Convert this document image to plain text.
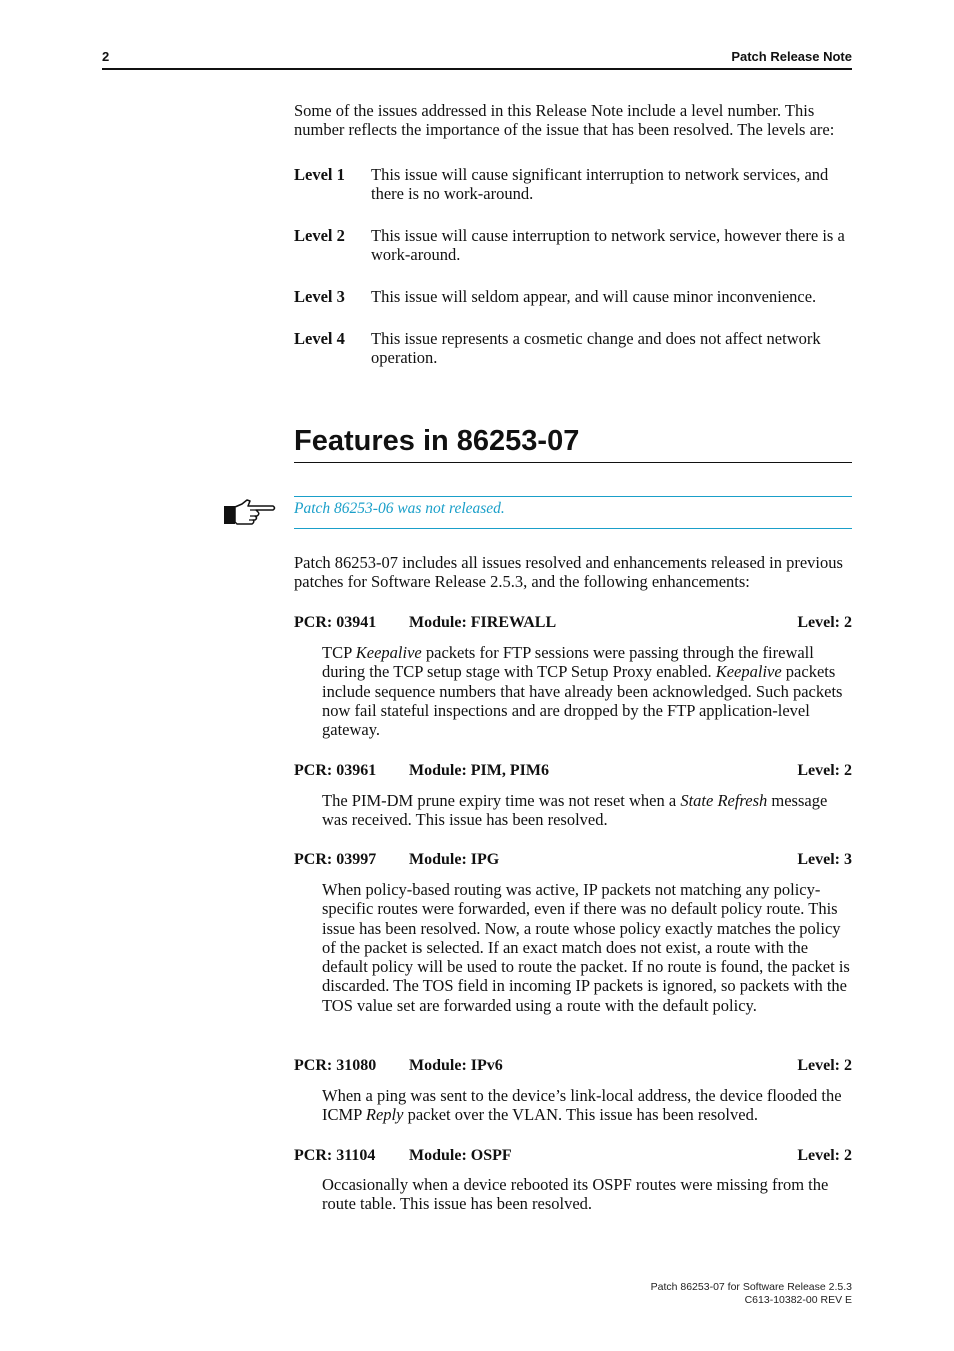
2	Patch Release Note
Some of the issues addressed in this Release Note include a level number. This number reflects the importance of the issue that has been resolved. The levels are:
Level 1 This issue will cause significant interruption to network services, and there is no work-around.
Level 2 This issue will cause interruption to network service, however there is a work-around.
Level 3 This issue will seldom appear, and will cause minor inconvenience.
Level 4 This issue represents a cosmetic change and does not affect network operation.
Features in 86253-07
Patch 86253-06 was not released.
Patch 86253-07 includes all issues resolved and enhancements released in previous patches for Software Release 2.5.3, and the following enhancements:
PCR: 03941 Module: FIREWALL	Level: 2
TCP Keepalive packets for FTP sessions were passing through the firewall during the TCP setup stage with TCP Setup Proxy enabled. Keepalive packets include sequence numbers that have already been acknowledged. Such packets now fail stateful inspections and are dropped by the FTP application-level gateway.
PCR: 03961 Module: PIM, PIM6	Level: 2
The PIM-DM prune expiry time was not reset when a State Refresh message was received. This issue has been resolved.
PCR: 03997 Module: IPG	Level: 3
When policy-based routing was active, IP packets not matching any policy-specific routes were forwarded, even if there was no default policy route. This issue has been resolved. Now, a route whose policy exactly matches the policy of the packet is selected. If an exact match does not exist, a route with the default policy will be used to route the packet. If no route is found, the packet is discarded. The TOS field in incoming IP packets is ignored, so packets with the TOS value set are forwarded using a route with the default policy.
PCR: 31080 Module: IPv6	Level: 2
When a ping was sent to the device’s link-local address, the device flooded the ICMP Reply packet over the VLAN. This issue has been resolved.
PCR: 31104 Module: OSPF	Level: 2
Occasionally when a device rebooted its OSPF routes were missing from the route table. This issue has been resolved.
Patch 86253-07 for Software Release 2.5.3
C613-10382-00 REV E
